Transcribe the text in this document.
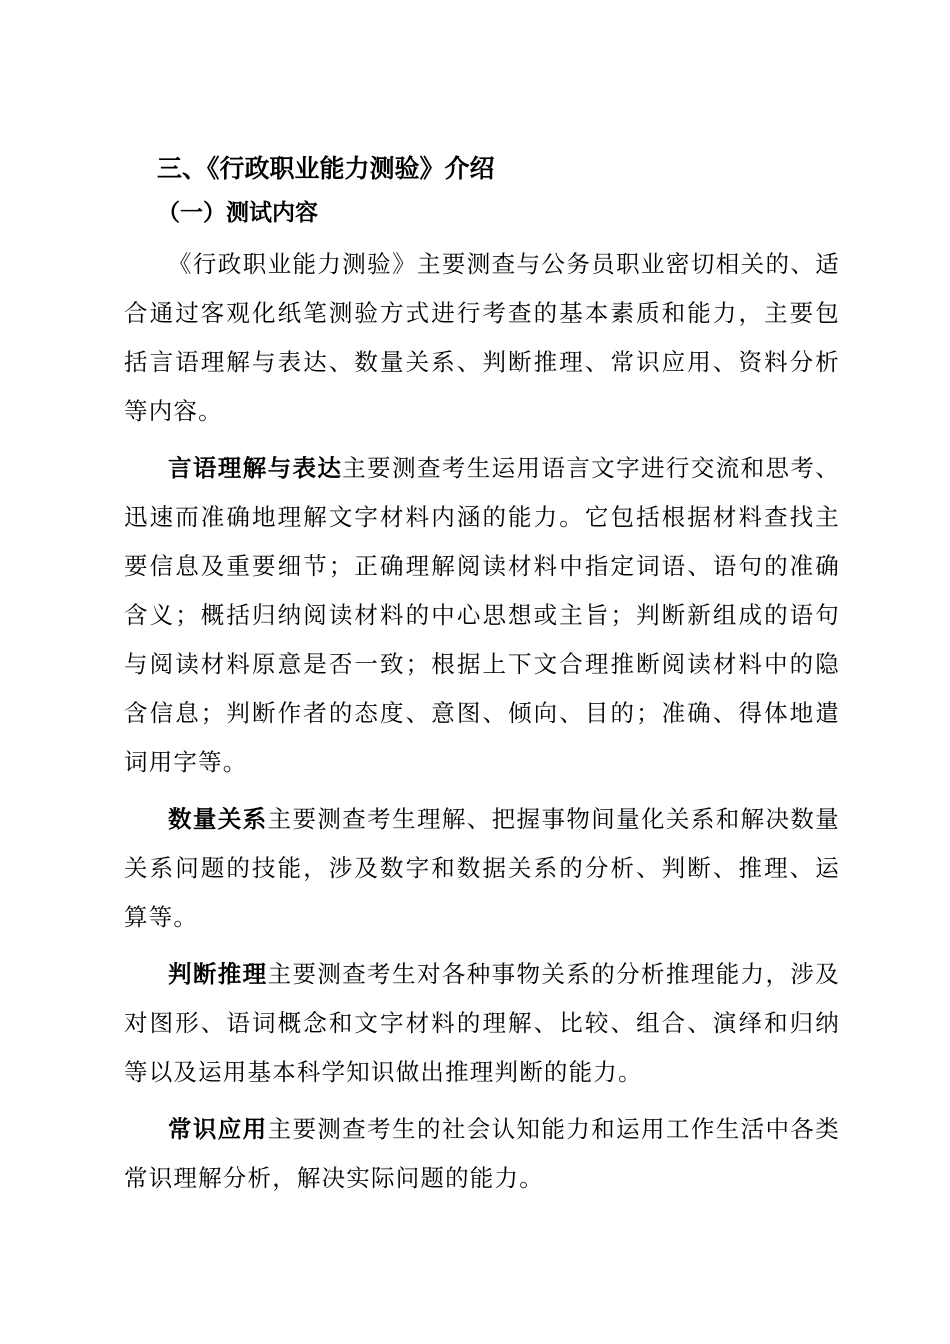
三、《行政职业能力测验》介绍
（一）测试内容

《行政职业能力测验》主要测查与公务员职业密切相关的、适合通过客观化纸笔测验方式进行考查的基本素质和能力，主要包括言语理解与表达、数量关系、判断推理、常识应用、资料分析等内容。

言语理解与表达主要测查考生运用语言文字进行交流和思考、迅速而准确地理解文字材料内涵的能力。它包括根据材料查找主要信息及重要细节；正确理解阅读材料中指定词语、语句的准确含义；概括归纳阅读材料的中心思想或主旨；判断新组成的语句与阅读材料原意是否一致；根据上下文合理推断阅读材料中的隐含信息；判断作者的态度、意图、倾向、目的；准确、得体地遣词用字等。

数量关系主要测查考生理解、把握事物间量化关系和解决数量关系问题的技能，涉及数字和数据关系的分析、判断、推理、运算等。

判断推理主要测查考生对各种事物关系的分析推理能力，涉及对图形、语词概念和文字材料的理解、比较、组合、演绎和归纳等以及运用基本科学知识做出推理判断的能力。

常识应用主要测查考生的社会认知能力和运用工作生活中各类常识理解分析，解决实际问题的能力。
